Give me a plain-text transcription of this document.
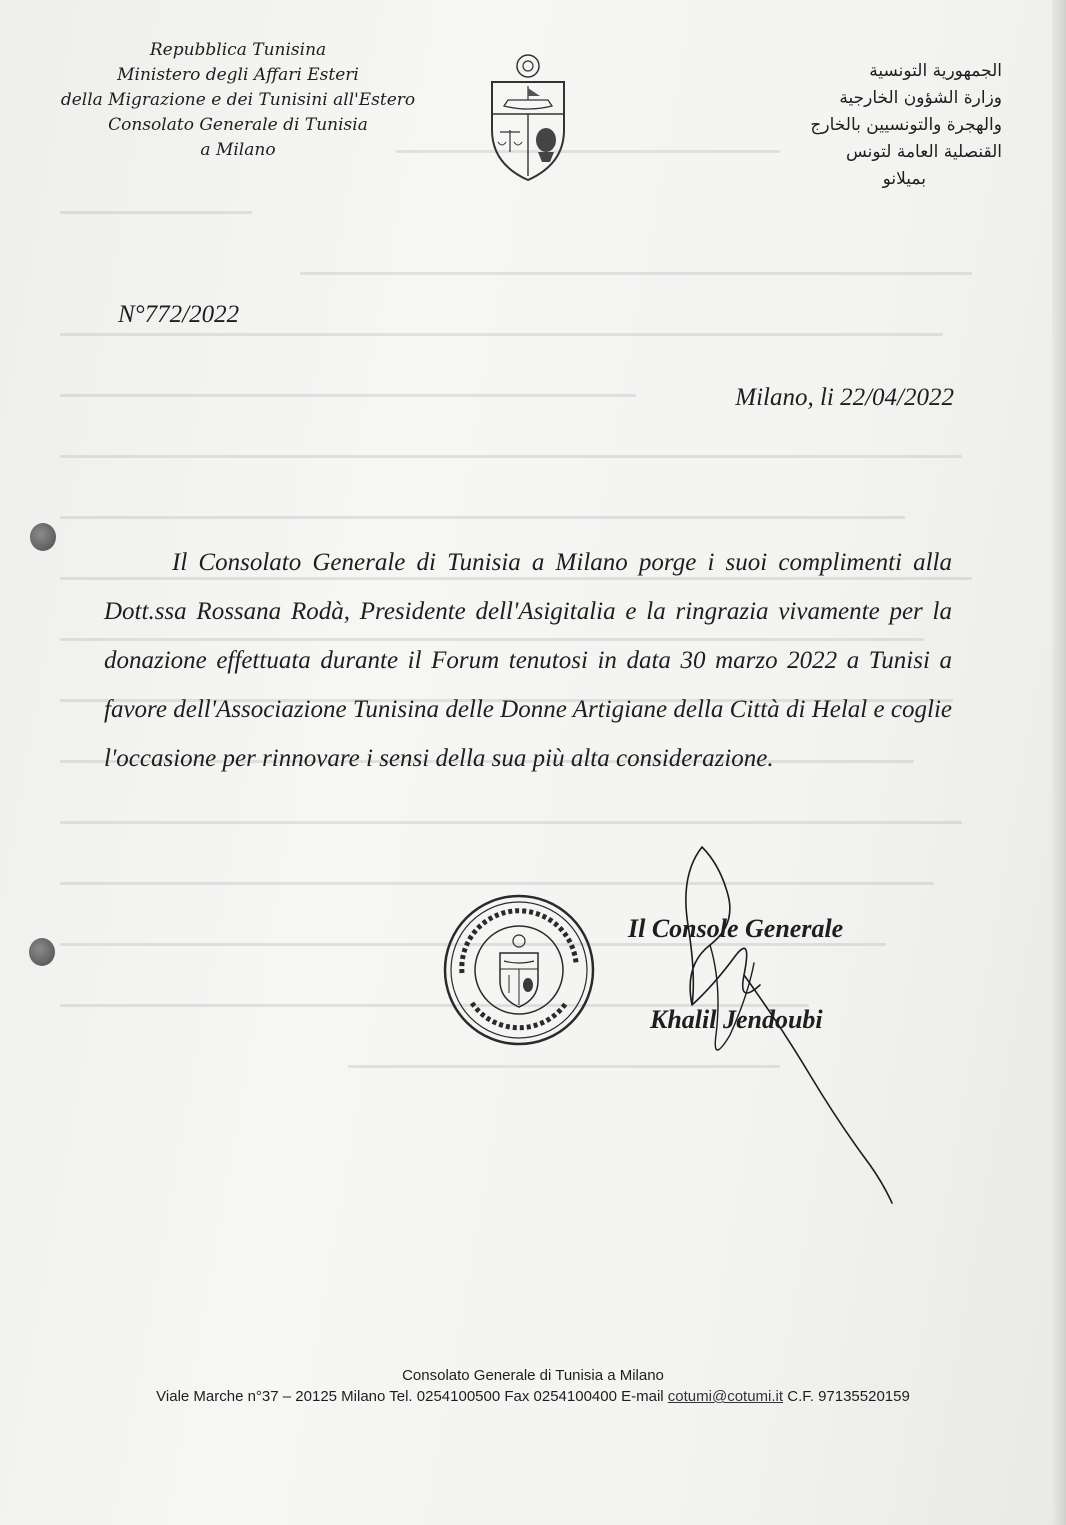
Repubblica Tunisina
Ministero degli Affari Esteri
della Migrazione e dei Tunisini all'Estero
Consolato Generale di Tunisia
a Milano
الجمهورية التونسية
وزارة الشؤون الخارجية
والهجرة والتونسيين بالخارج
القنصلية العامة لتونس
بميلانو
N°772/2022
Milano, li 22/04/2022
Il Consolato Generale di Tunisia a Milano porge i suoi complimenti alla Dott.ssa Rossana Rodà, Presidente dell'Asigitalia e la ringrazia vivamente per la donazione effettuata durante il Forum tenutosi in data 30 marzo 2022 a Tunisi a favore dell'Associazione Tunisina delle Donne Artigiane della Città di Helal e coglie l'occasione per rinnovare i sensi della sua più alta considerazione.
Il Console Generale
Khalil Jendoubi
Consolato Generale di Tunisia a Milano
Viale Marche n°37 – 20125 Milano Tel. 0254100500 Fax 0254100400 E-mail cotumi@cotumi.it C.F. 97135520159
